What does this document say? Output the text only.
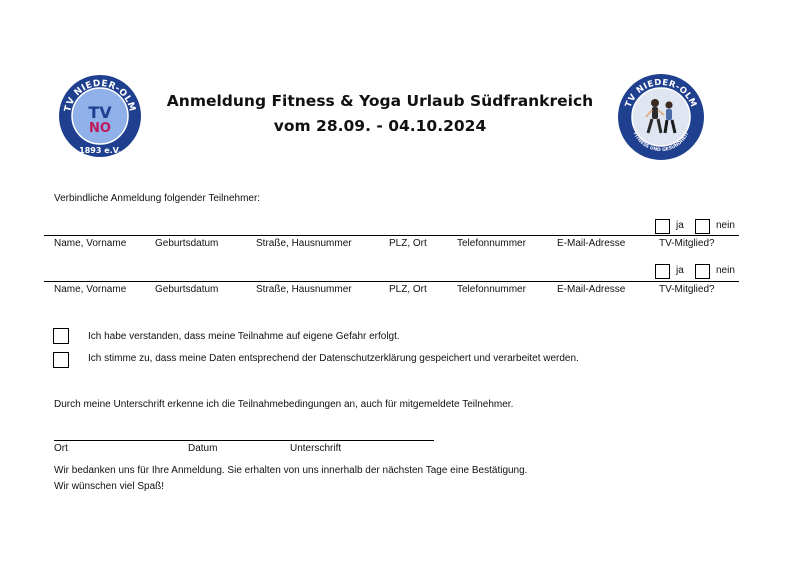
TV NIEDER-OLM
TV
NO
1893 e.V.
TV NIEDER-OLM
FITNESS UND GESUNDHEIT
Anmeldung Fitness & Yoga Urlaub Südfrankreich
vom 28.09. - 04.10.2024
Verbindliche Anmeldung folgender Teilnehmer:
ja	nein
Name, Vorname	Geburtsdatum	Straße, Hausnummer	PLZ, Ort	Telefonnummer	E-Mail-Adresse	TV-Mitglied?
ja	nein
Name, Vorname	Geburtsdatum	Straße, Hausnummer	PLZ, Ort	Telefonnummer	E-Mail-Adresse	TV-Mitglied?
Ich habe verstanden, dass meine Teilnahme auf eigene Gefahr erfolgt.
Ich stimme zu, dass meine Daten entsprechend der Datenschutzerklärung gespeichert und verarbeitet werden.
Durch meine Unterschrift erkenne ich die Teilnahmebedingungen an, auch für mitgemeldete Teilnehmer.
Ort	Datum	Unterschrift
Wir bedanken uns für Ihre Anmeldung. Sie erhalten von uns innerhalb der nächsten Tage eine Bestätigung.
Wir wünschen viel Spaß!
